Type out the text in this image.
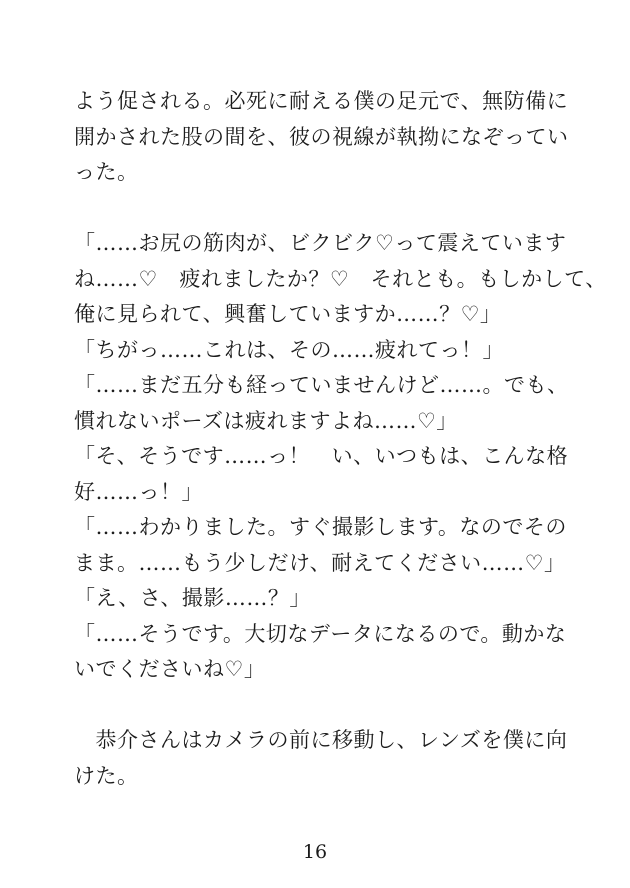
よう促される。必死に耐える僕の足元で、無防備に
開かされた股の間を、彼の視線が執拗になぞってい
った。
「……お尻の筋肉が、ビクビク♡って震えています
ね……♡　疲れましたか？♡　それとも。もしかして、
俺に見られて、興奮していますか……？♡」
「ちがっ……これは、その……疲れてっ！」
「……まだ五分も経っていませんけど……。でも、
慣れないポーズは疲れますよね……♡」
「そ、そうです……っ！　い、いつもは、こんな格
好……っ！」
「……わかりました。すぐ撮影します。なのでその
まま。……もう少しだけ、耐えてください……♡」
「え、さ、撮影……？」
「……そうです。大切なデータになるので。動かな
いでくださいね♡」
　恭介さんはカメラの前に移動し、レンズを僕に向
けた。
16
